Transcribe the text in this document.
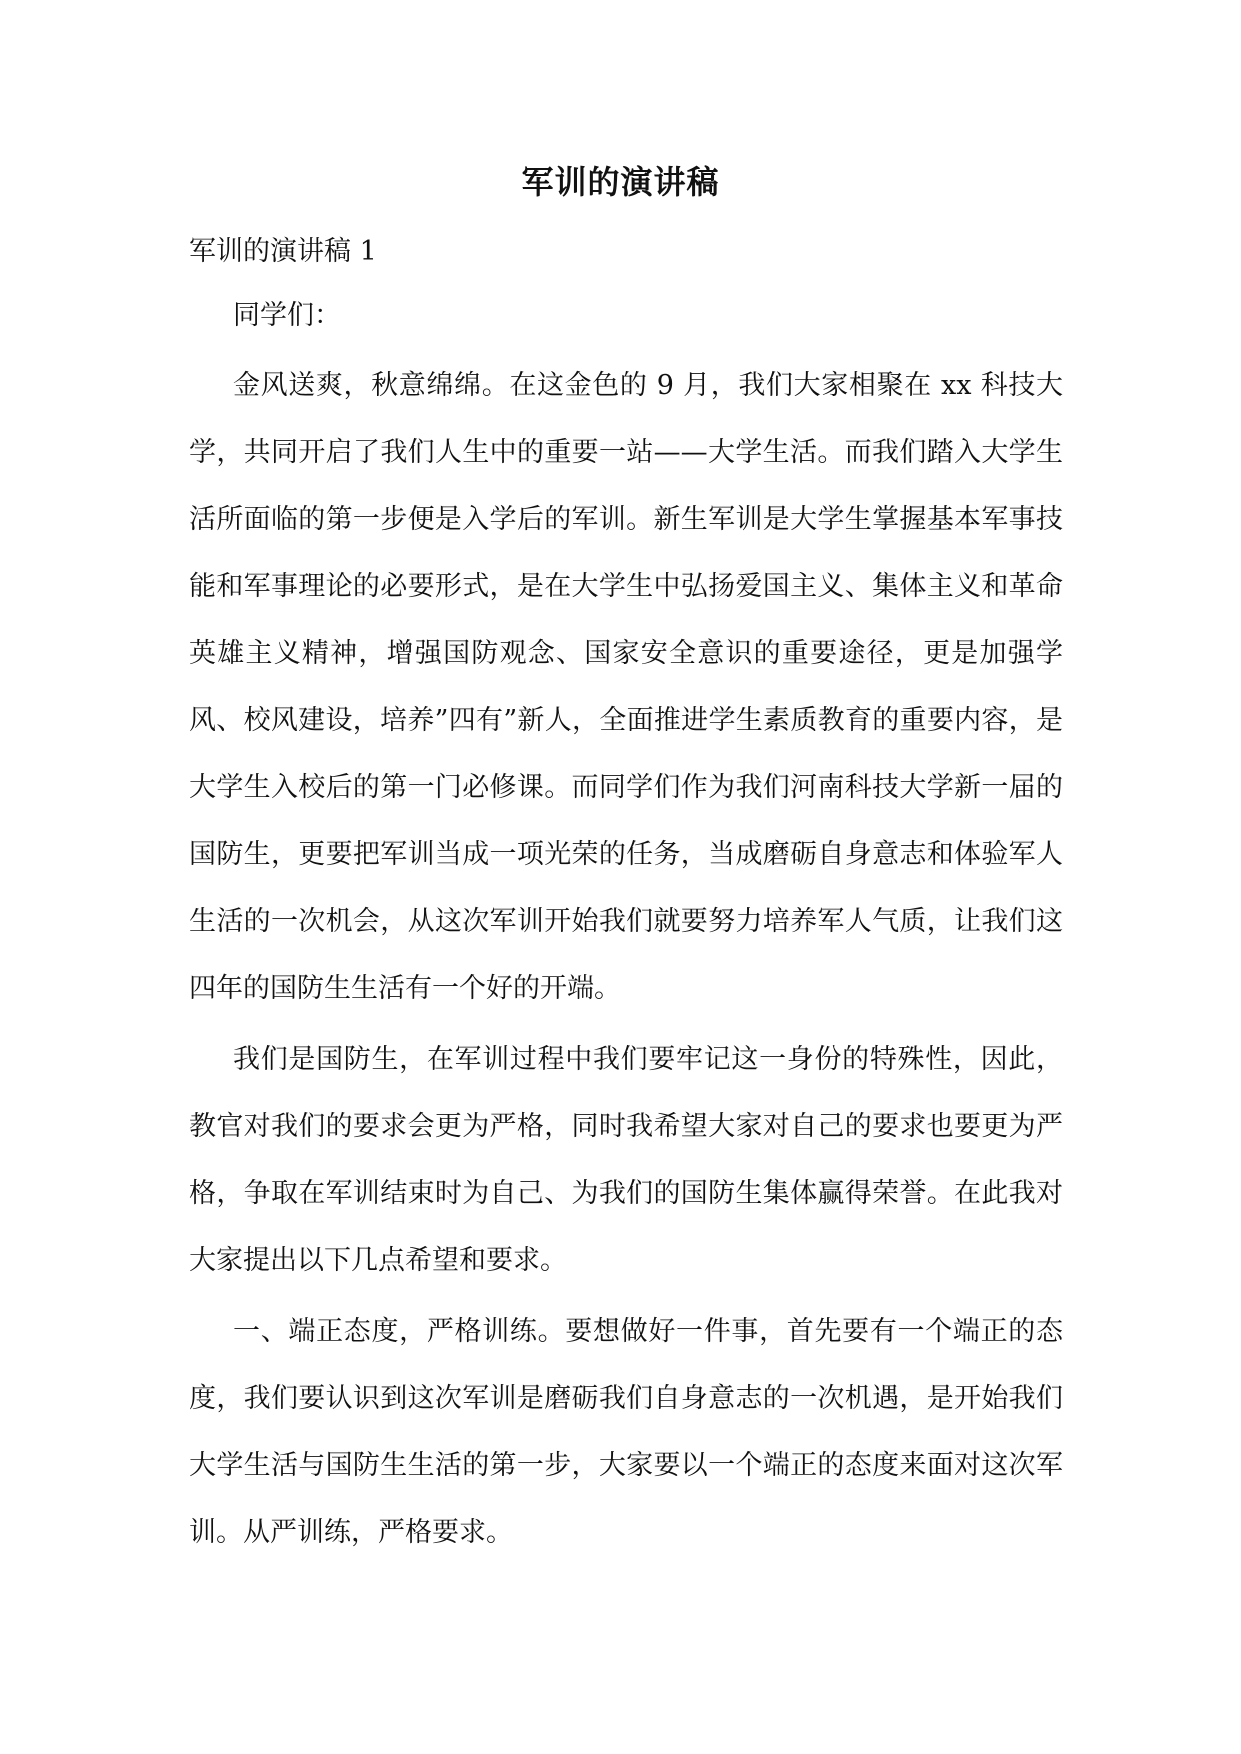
军训的演讲稿
军训的演讲稿 1
同学们：

金风送爽，秋意绵绵。在这金色的 9 月，我们大家相聚在 xx 科技大学，共同开启了我们人生中的重要一站——大学生活。而我们踏入大学生活所面临的第一步便是入学后的军训。新生军训是大学生掌握基本军事技能和军事理论的必要形式，是在大学生中弘扬爱国主义、集体主义和革命英雄主义精神，增强国防观念、国家安全意识的重要途径，更是加强学风、校风建设，培养”四有”新人，全面推进学生素质教育的重要内容，是大学生入校后的第一门必修课。而同学们作为我们河南科技大学新一届的国防生，更要把军训当成一项光荣的任务，当成磨砺自身意志和体验军人生活的一次机会，从这次军训开始我们就要努力培养军人气质，让我们这四年的国防生生活有一个好的开端。

我们是国防生，在军训过程中我们要牢记这一身份的特殊性，因此，教官对我们的要求会更为严格，同时我希望大家对自己的要求也要更为严格，争取在军训结束时为自己、为我们的国防生集体赢得荣誉。在此我对大家提出以下几点希望和要求。

一、端正态度，严格训练。要想做好一件事，首先要有一个端正的态度，我们要认识到这次军训是磨砺我们自身意志的一次机遇，是开始我们大学生活与国防生生活的第一步，大家要以一个端正的态度来面对这次军训。从严训练，严格要求。
